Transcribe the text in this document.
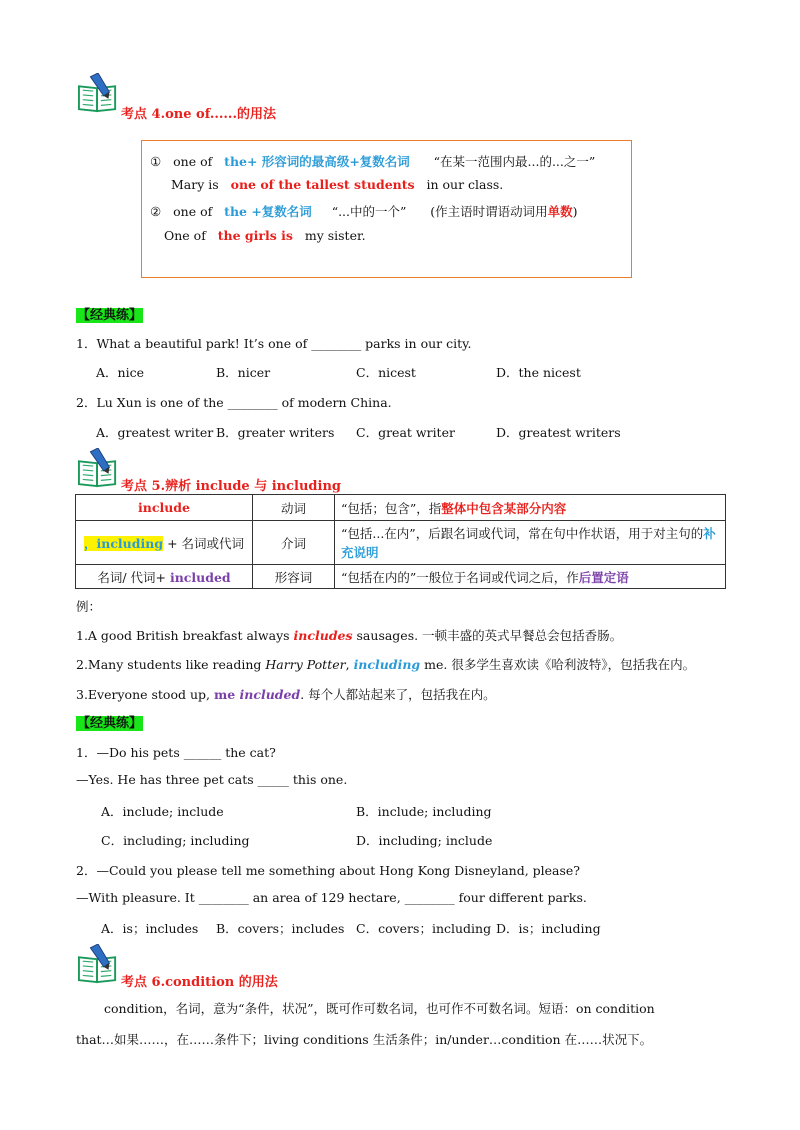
考点 4.one of......的用法
① one of the+ 形容词的最高级+复数名词 “在某一范围内最...的...之一”
Mary is one of the tallest students in our class.
② one of the +复数名词 “...中的一个” (作主语时谓语动词用单数)
One of the girls is my sister.
【经典练】
1．What a beautiful park! It’s one of ________ parks in our city.
A．nice	B．nicer	C．nicest	D．the nicest
2．Lu Xun is one of the ________ of modern China.
A．greatest writer B．greater writers C．great writer	D．greatest writers
考点 5.辨析 include 与 including
include	动词	“包括；包含”，指整体中包含某部分内容
，including + 名词或代词	介词	“包括...在内”，后跟名词或代词，常在句中作状语，用于对主句的补充说明
名词/ 代词+ included	形容词	“包括在内的”一般位于名词或代词之后，作后置定语
例：
1.A good British breakfast always includes sausages. 一顿丰盛的英式早餐总会包括香肠。
2.Many students like reading Harry Potter, including me. 很多学生喜欢读《哈利波特》，包括我在内。
3.Everyone stood up, me included. 每个人都站起来了，包括我在内。
【经典练】
1．—Do his pets ______ the cat?
—Yes. He has three pet cats _____ this one.
A．include; include	B．include; including
C．including; including	D．including; include
2．—Could you please tell me something about Hong Kong Disneyland, please?
—With pleasure. It ________ an area of 129 hectare, ________ four different parks.
A．is；includes B．covers；includes C．covers；including D．is；including
考点 6.condition 的用法
condition，名词，意为“条件，状况”，既可作可数名词，也可作不可数名词。短语：on condition
that…如果……，在……条件下；living conditions 生活条件；in/under…condition 在……状况下。
